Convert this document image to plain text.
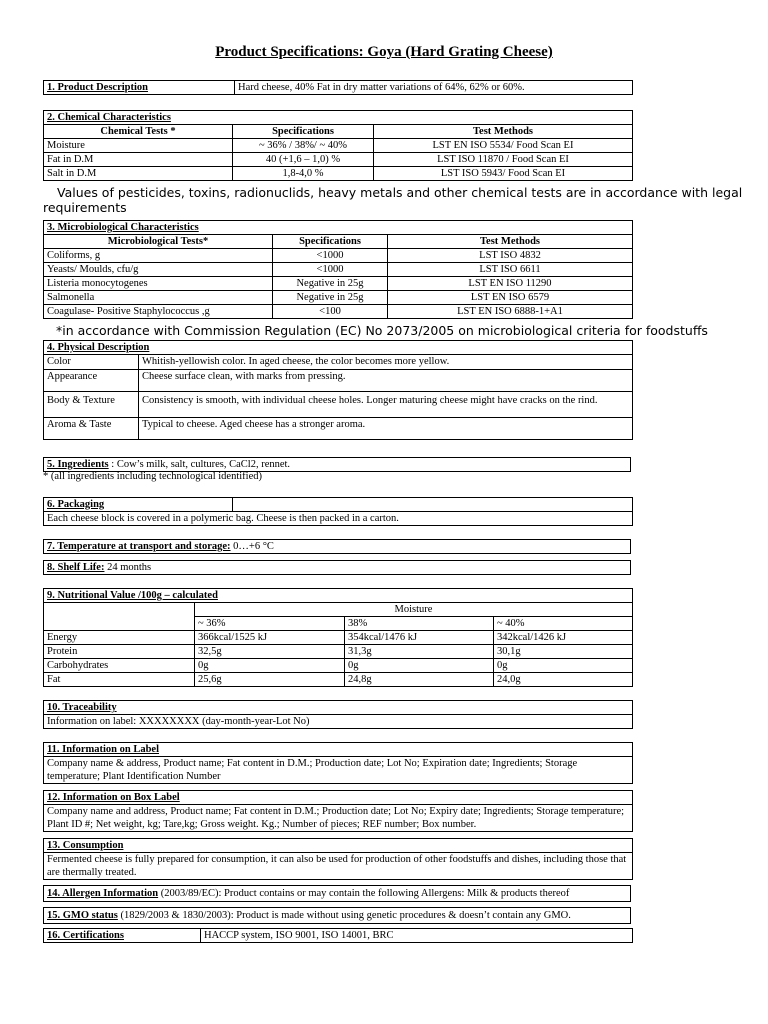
Product Specifications: Goya (Hard Grating Cheese)
1. Product Description	Hard cheese, 40% Fat in dry matter variations of 64%, 62% or 60%.
2. Chemical Characteristics		
Chemical Tests *	Specifications	Test Methods
Moisture	~ 36% / 38%/ ~ 40%	LST EN ISO 5534/ Food Scan EI
Fat in D.M	40 (+1,6 – 1,0) %	LST ISO 11870 / Food Scan EI
Salt in D.M	1,8-4,0 %	LST ISO 5943/ Food Scan EI
Values of pesticides, toxins, radionuclids, heavy metals and other chemical tests are in accordance with legal requirements
3. Microbiological Characteristics		
Microbiological Tests*	Specifications	Test Methods
Coliforms, g	<1000	LST ISO 4832
Yeasts/ Moulds, cfu/g	<1000	LST ISO 6611
Listeria monocytogenes	Negative in 25g	LST EN ISO 11290
Salmonella	Negative in 25g	LST EN ISO 6579
Coagulase- Positive Staphylococcus ,g	<100	LST EN ISO 6888-1+A1
*in accordance with Commission Regulation (EC) No 2073/2005 on microbiological criteria for foodstuffs
4. Physical Description	
Color	Whitish-yellowish color. In aged cheese, the color becomes more yellow.
Appearance	Cheese surface clean, with marks from pressing.
Body & Texture	Consistency is smooth, with individual cheese holes. Longer maturing cheese might have cracks on the rind.
Aroma & Taste	Typical to cheese. Aged cheese has a stronger aroma.
5. Ingredients : Cow’s milk, salt, cultures, CaCl2, rennet.
* (all ingredients including technological identified)
6. Packaging	
Each cheese block is covered in a polymeric bag. Cheese is then packed in a carton.
7. Temperature at transport and storage: 0…+6 °C
8. Shelf Life: 24 months
9. Nutritional Value /100g – calculated			
	Moisture		
	~ 36%	38%	~ 40%
Energy	366kcal/1525 kJ	354kcal/1476 kJ	342kcal/1426 kJ
Protein	32,5g	31,3g	30,1g
Carbohydrates	0g	0g	0g
Fat	25,6g	24,8g	24,0g
10. Traceability
Information on label: XXXXXXXX (day-month-year-Lot No)
11. Information on Label
Company name & address, Product name; Fat content in D.M.; Production date; Lot No; Expiration date; Ingredients; Storage temperature; Plant Identification Number
12. Information on Box Label
Company name and address, Product name; Fat content in D.M.; Production date; Lot No; Expiry date; Ingredients; Storage temperature; Plant ID #; Net weight, kg; Tare,kg; Gross weight. Kg.; Number of pieces; REF number; Box number.
13. Consumption
Fermented cheese is fully prepared for consumption, it can also be used for production of other foodstuffs and dishes, including those that are thermally treated.
14. Allergen Information (2003/89/EC): Product contains or may contain the following Allergens: Milk & products thereof
15. GMO status (1829/2003 & 1830/2003): Product is made without using genetic procedures & doesn’t contain any GMO.
16. Certifications	HACCP system, ISO 9001, ISO 14001, BRC
